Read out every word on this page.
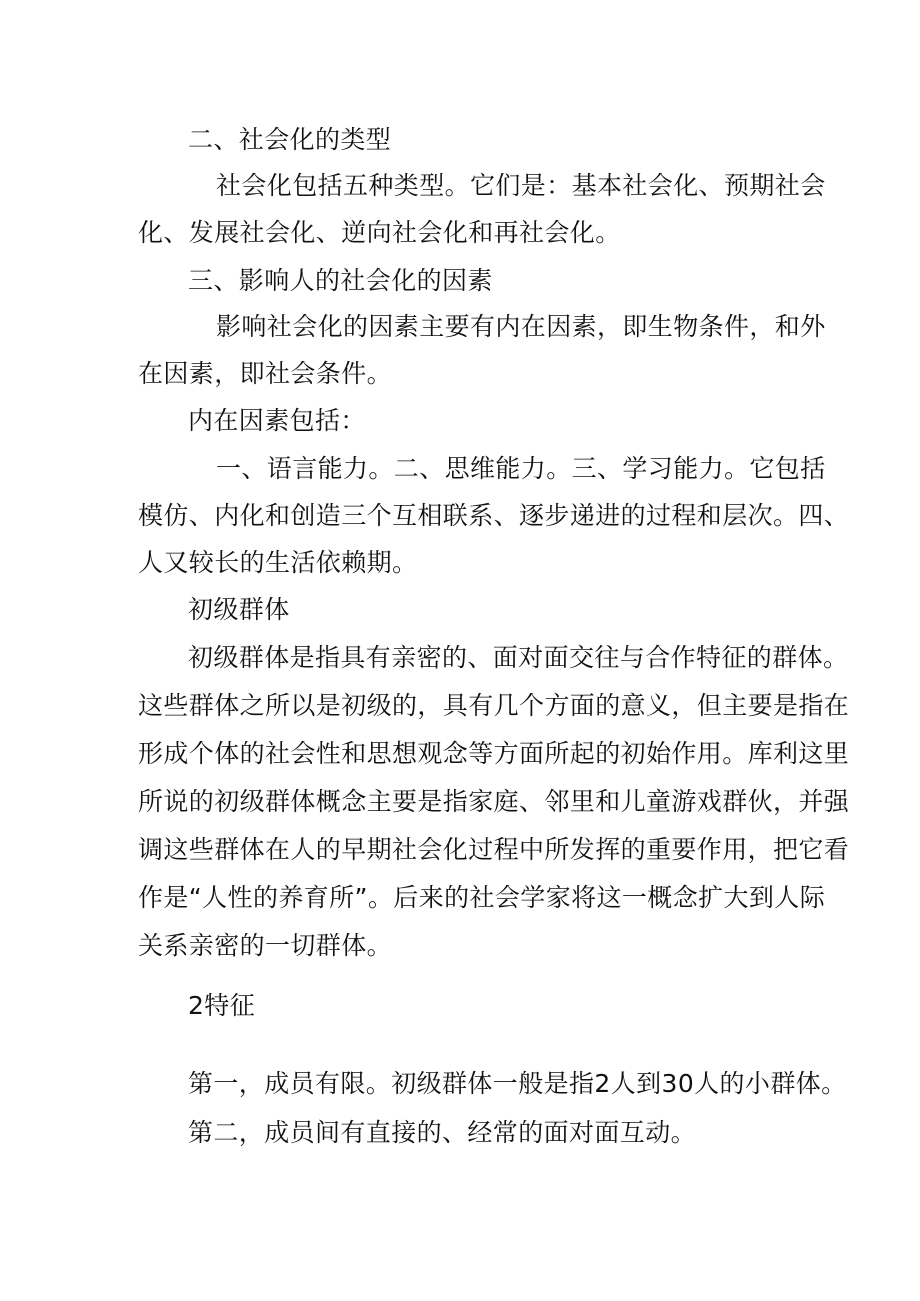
二、社会化的类型
社会化包括五种类型。它们是：基本社会化、预期社会
化、发展社会化、逆向社会化和再社会化。
三、影响人的社会化的因素
影响社会化的因素主要有内在因素，即生物条件，和外
在因素，即社会条件。
内在因素包括：
一、语言能力。二、思维能力。三、学习能力。它包括
模仿、内化和创造三个互相联系、逐步递进的过程和层次。四、
人又较长的生活依赖期。
初级群体
初级群体是指具有亲密的、面对面交往与合作特征的群体。
这些群体之所以是初级的，具有几个方面的意义，但主要是指在
形成个体的社会性和思想观念等方面所起的初始作用。库利这里
所说的初级群体概念主要是指家庭、邻里和儿童游戏群伙，并强
调这些群体在人的早期社会化过程中所发挥的重要作用，把它看
作是“人性的养育所”。后来的社会学家将这一概念扩大到人际
关系亲密的一切群体。
2特征
第一，成员有限。初级群体一般是指2人到30人的小群体。
第二，成员间有直接的、经常的面对面互动。
